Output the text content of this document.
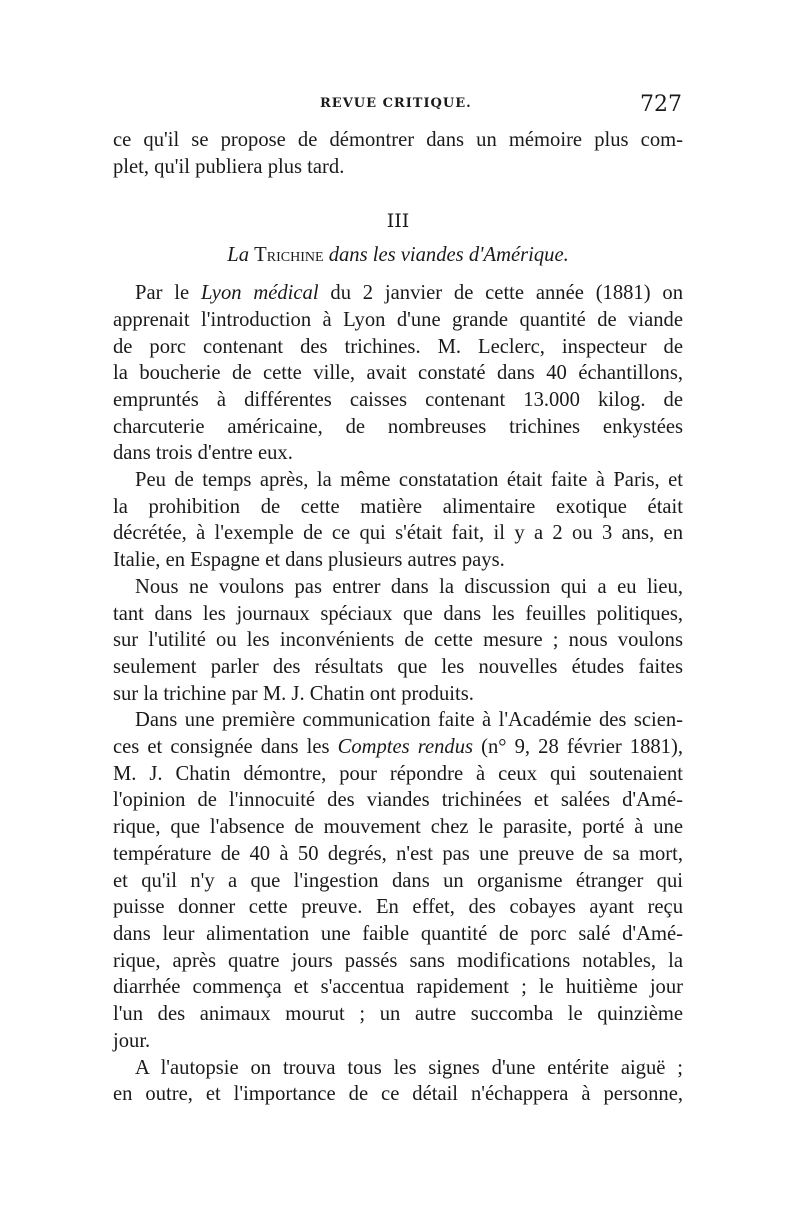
REVUE CRITIQUE.	727
ce qu'il se propose de démontrer dans un mémoire plus com-
plet, qu'il publiera plus tard.
III
La Trichine dans les viandes d'Amérique.
Par le Lyon médical du 2 janvier de cette année (1881) on
apprenait l'introduction à Lyon d'une grande quantité de viande
de porc contenant des trichines. M. Leclerc, inspecteur de
la boucherie de cette ville, avait constaté dans 40 échantillons,
empruntés à différentes caisses contenant 13.000 kilog. de
charcuterie américaine, de nombreuses trichines enkystées
dans trois d'entre eux.
Peu de temps après, la même constatation était faite à Paris, et
la prohibition de cette matière alimentaire exotique était
décrétée, à l'exemple de ce qui s'était fait, il y a 2 ou 3 ans, en
Italie, en Espagne et dans plusieurs autres pays.
Nous ne voulons pas entrer dans la discussion qui a eu lieu,
tant dans les journaux spéciaux que dans les feuilles politiques,
sur l'utilité ou les inconvénients de cette mesure ; nous voulons
seulement parler des résultats que les nouvelles études faites
sur la trichine par M. J. Chatin ont produits.
Dans une première communication faite à l'Académie des scien-
ces et consignée dans les Comptes rendus (n° 9, 28 février 1881),
M. J. Chatin démontre, pour répondre à ceux qui soutenaient
l'opinion de l'innocuité des viandes trichinées et salées d'Amé-
rique, que l'absence de mouvement chez le parasite, porté à une
température de 40 à 50 degrés, n'est pas une preuve de sa mort,
et qu'il n'y a que l'ingestion dans un organisme étranger qui
puisse donner cette preuve. En effet, des cobayes ayant reçu
dans leur alimentation une faible quantité de porc salé d'Amé-
rique, après quatre jours passés sans modifications notables, la
diarrhée commença et s'accentua rapidement ; le huitième jour
l'un des animaux mourut ; un autre succomba le quinzième
jour.
A l'autopsie on trouva tous les signes d'une entérite aiguë ;
en outre, et l'importance de ce détail n'échappera à personne,
